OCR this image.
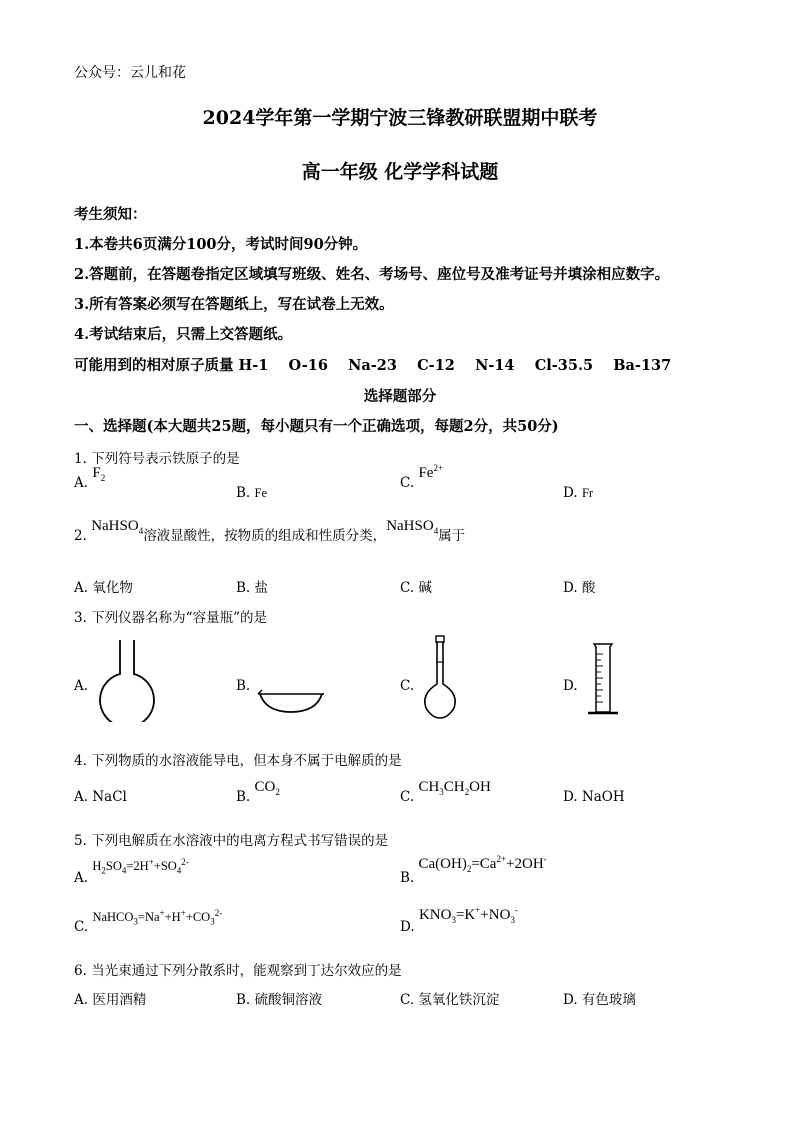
公众号：云儿和花
2024学年第一学期宁波三锋教研联盟期中联考
高一年级 化学学科试题
考生须知：
1.本卷共6页满分100分，考试时间90分钟。
2.答题前，在答题卷指定区域填写班级、姓名、考场号、座位号及准考证号并填涂相应数字。
3.所有答案必须写在答题纸上，写在试卷上无效。
4.考试结束后，只需上交答题纸。
可能用到的相对原子质量 H-1    O-16    Na-23    C-12    N-14    Cl-35.5    Ba-137
选择题部分
一、选择题(本大题共25题，每小题只有一个正确选项，每题2分，共50分)
1. 下列符号表示铁原子的是
A. $F_2$
B. Fe
C. $Fe^{2+}$
D. Fr
2. NaHSO$_4$溶液显酸性，按物质的组成和性质分类，NaHSO$_4$属于
A. 氧化物	B. 盐	C. 碱	D. 酸
3. 下列仪器名称为“容量瓶”的是
A.	B.	C.	D.
4. 下列物质的水溶液能导电，但本身不属于电解质的是
A. NaCl	B. $CO_2$	C. $CH_3CH_2OH$
D. NaOH
5. 下列电解质在水溶液中的电离方程式书写错误的是
A. $H_2SO_4=2H^++SO_4^{2-}$
B. $Ca(OH)_2=Ca^{2+}+2OH^-$
C. $NaHCO_3=Na^++H^++CO_3^{2-}$
D. $KNO_3=K^++NO_3^-$
6. 当光束通过下列分散系时，能观察到丁达尔效应的是
A. 医用酒精	B. 硫酸铜溶液	C. 氢氧化铁沉淀	D. 有色玻璃
